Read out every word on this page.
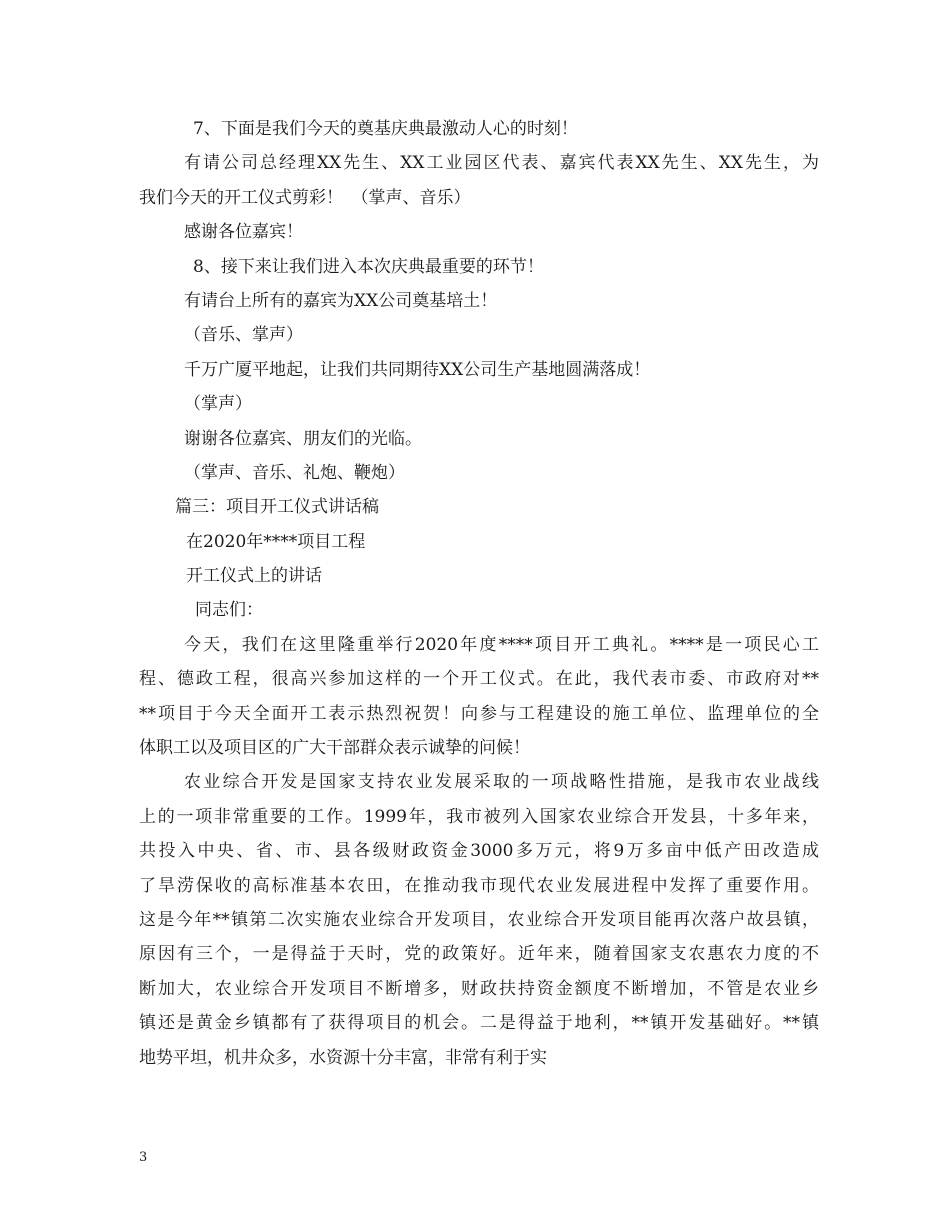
7、下面是我们今天的奠基庆典最激动人心的时刻！
有请公司总经理XX先生、XX工业园区代表、嘉宾代表XX先生、XX先生，为
我们今天的开工仪式剪彩！　（掌声、音乐）
感谢各位嘉宾！
8、接下来让我们进入本次庆典最重要的环节！
有请台上所有的嘉宾为XX公司奠基培土！
（音乐、掌声）
千万广厦平地起，让我们共同期待XX公司生产基地圆满落成！
（掌声）
谢谢各位嘉宾、朋友们的光临。
（掌声、音乐、礼炮、鞭炮）
篇三：项目开工仪式讲话稿
在2020年****项目工程
开工仪式上的讲话
同志们：
今天，我们在这里隆重举行2020年度****项目开工典礼。****是一项民心工
程、德政工程，很高兴参加这样的一个开工仪式。在此，我代表市委、市政府对**
**项目于今天全面开工表示热烈祝贺！向参与工程建设的施工单位、监理单位的全
体职工以及项目区的广大干部群众表示诚挚的问候！
农业综合开发是国家支持农业发展采取的一项战略性措施，是我市农业战线
上的一项非常重要的工作。1999年，我市被列入国家农业综合开发县，十多年来，
共投入中央、省、市、县各级财政资金3000多万元，将9万多亩中低产田改造成
了旱涝保收的高标准基本农田，在推动我市现代农业发展进程中发挥了重要作用。
这是今年**镇第二次实施农业综合开发项目，农业综合开发项目能再次落户故县镇，
原因有三个，一是得益于天时，党的政策好。近年来，随着国家支农惠农力度的不
断加大，农业综合开发项目不断增多，财政扶持资金额度不断增加，不管是农业乡
镇还是黄金乡镇都有了获得项目的机会。二是得益于地利，**镇开发基础好。**镇
地势平坦，机井众多，水资源十分丰富，非常有利于实
3
